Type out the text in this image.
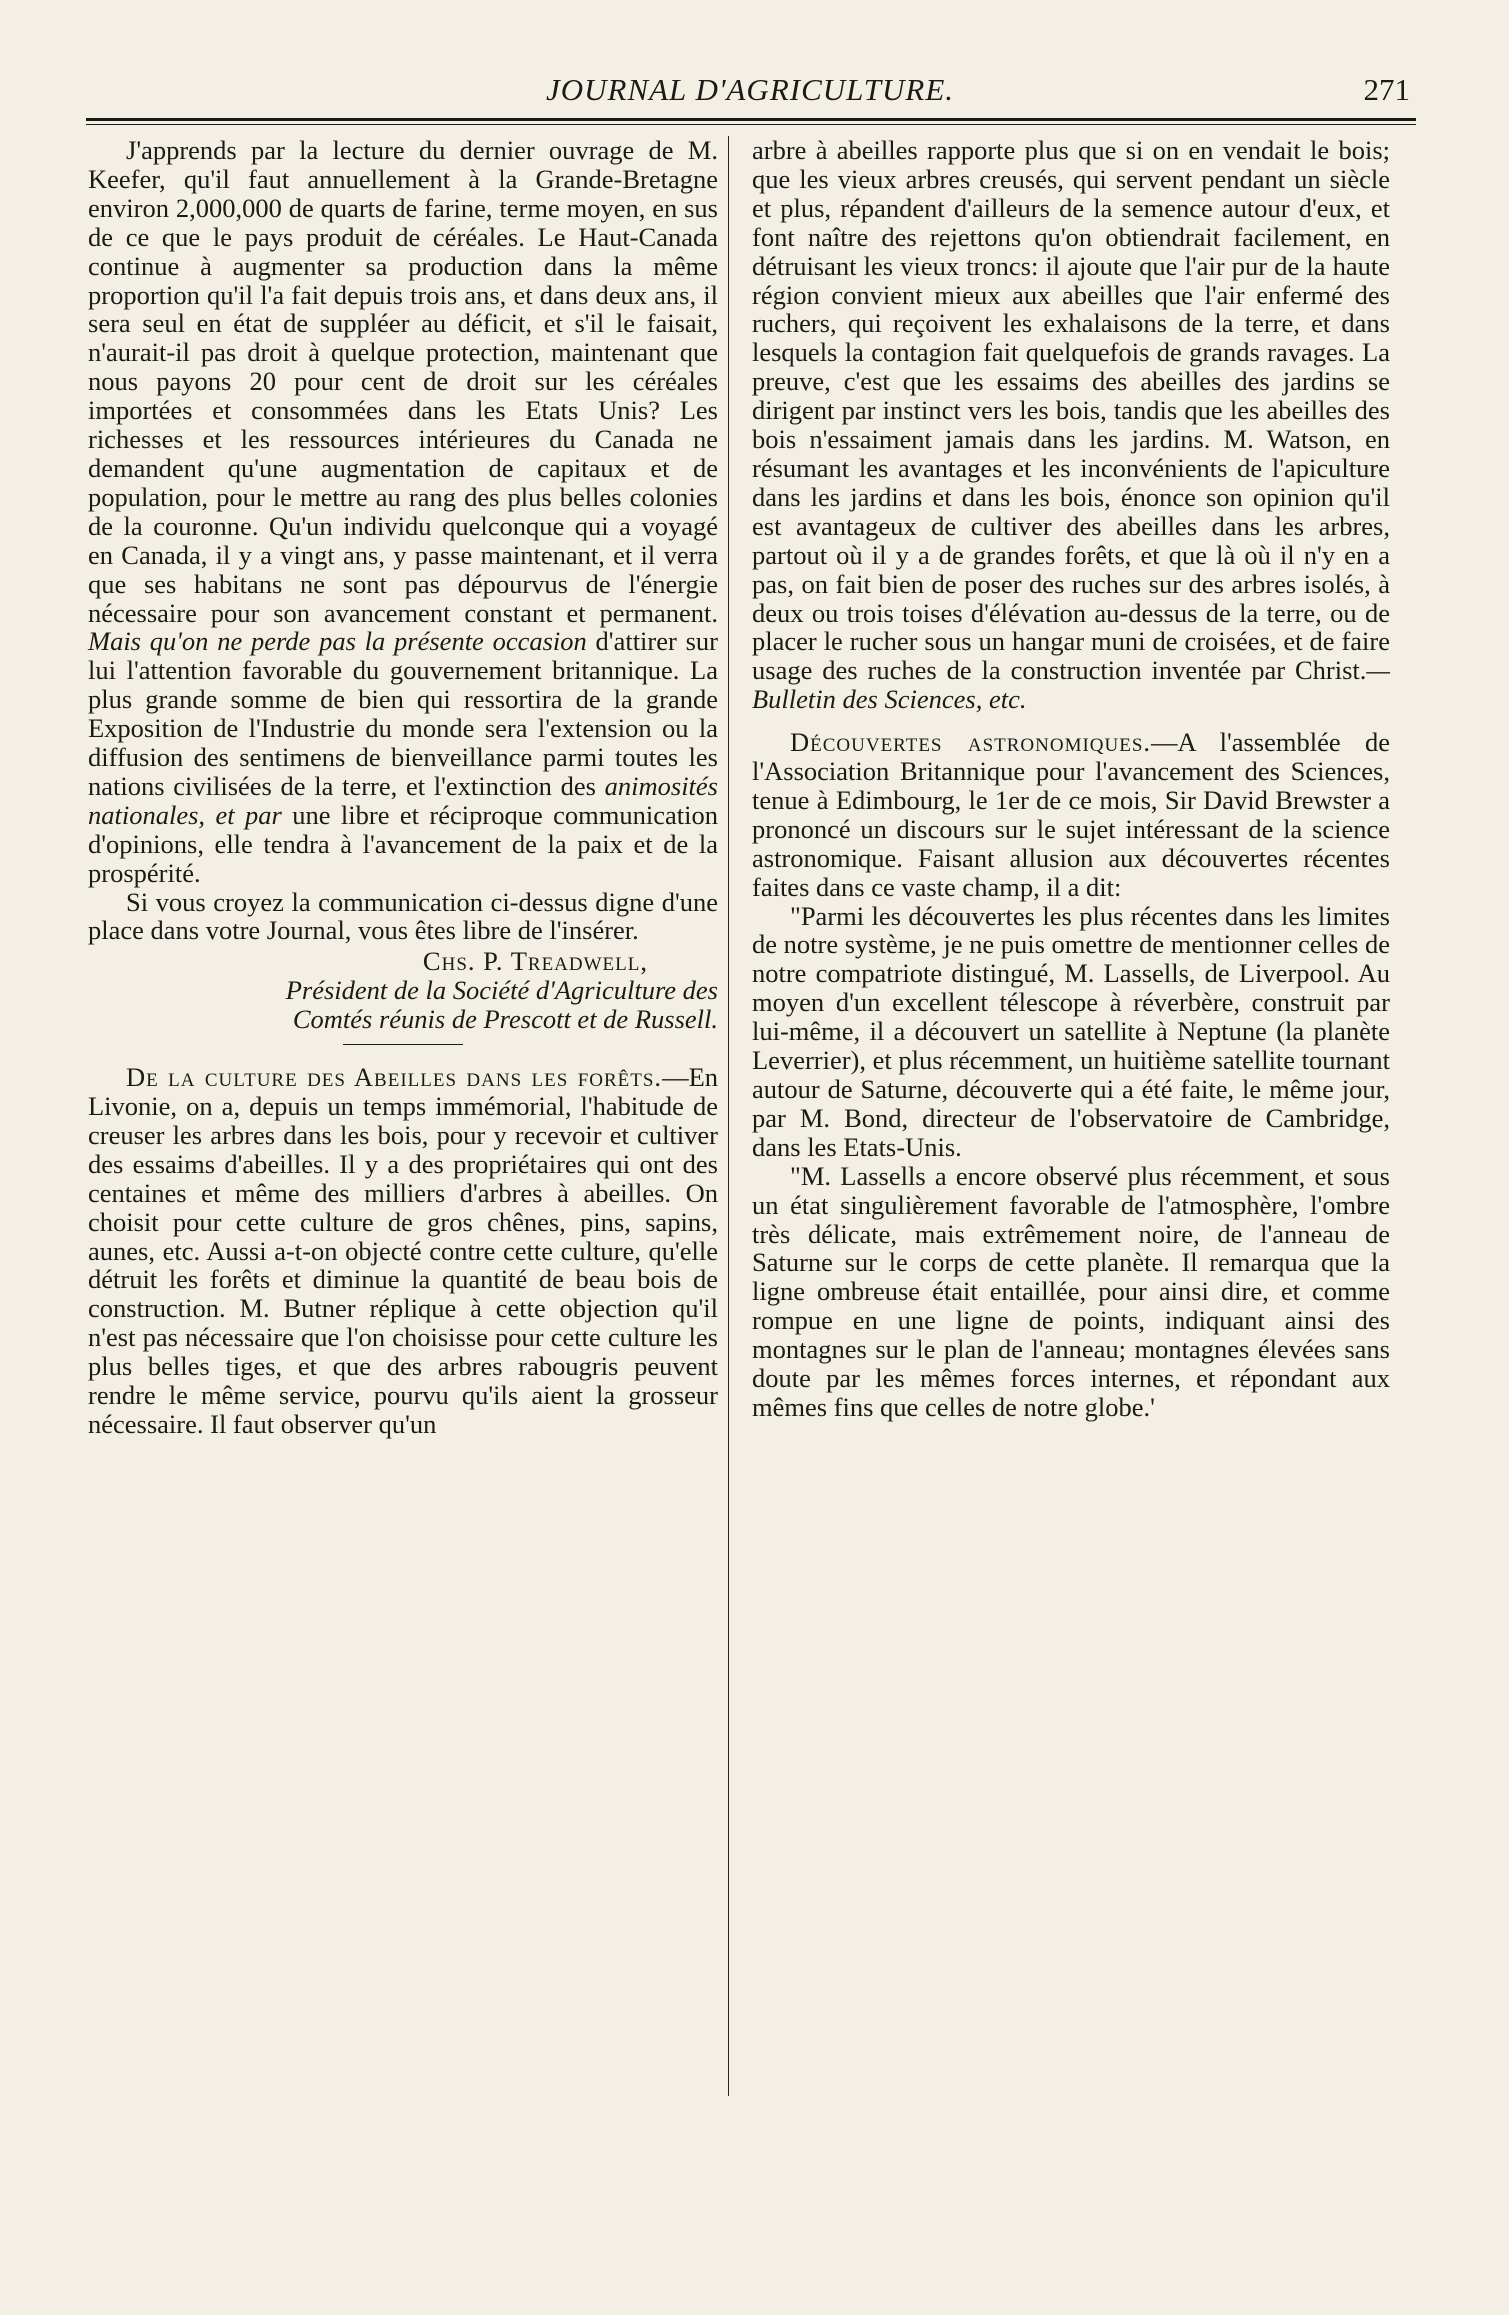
JOURNAL D'AGRICULTURE.	271

J'apprends par la lecture du dernier ouvrage de M. Keefer, qu'il faut annuellement à la Grande-Bretagne environ 2,000,000 de quarts de farine, terme moyen, en sus de ce que le pays produit de céréales. Le Haut-Canada continue à augmenter sa production dans la même proportion qu'il l'a fait depuis trois ans, et dans deux ans, il sera seul en état de suppléer au déficit, et s'il le faisait, n'aurait-il pas droit à quelque protection, maintenant que nous payons 20 pour cent de droit sur les céréales importées et consommées dans les Etats Unis? Les richesses et les ressources intérieures du Canada ne demandent qu'une augmentation de capitaux et de population, pour le mettre au rang des plus belles colonies de la couronne. Qu'un individu quelconque qui a voyagé en Canada, il y a vingt ans, y passe maintenant, et il verra que ses habitans ne sont pas dépourvus de l'énergie nécessaire pour son avancement constant et permanent. Mais qu'on ne perde pas la présente occasion d'attirer sur lui l'attention favorable du gouvernement britannique. La plus grande somme de bien qui ressortira de la grande Exposition de l'Industrie du monde sera l'extension ou la diffusion des sentimens de bienveillance parmi toutes les nations civilisées de la terre, et l'extinction des animosités nationales, et par une libre et réciproque communication d'opinions, elle tendra à l'avancement de la paix et de la prospérité.

Si vous croyez la communication ci-dessus digne d'une place dans votre Journal, vous êtes libre de l'insérer.

Chs. P. Treadwell,
Président de la Société d'Agriculture des
Comtés réunis de Prescott et de Russell.

De la culture des Abeilles dans les forêts.—En Livonie, on a, depuis un temps immémorial, l'habitude de creuser les arbres dans les bois, pour y recevoir et cultiver des essaims d'abeilles. Il y a des propriétaires qui ont des centaines et même des milliers d'arbres à abeilles. On choisit pour cette culture de gros chênes, pins, sapins, aunes, etc. Aussi a-t-on objecté contre cette culture, qu'elle détruit les forêts et diminue la quantité de beau bois de construction. M. Butner réplique à cette objection qu'il n'est pas nécessaire que l'on choisisse pour cette culture les plus belles tiges, et que des arbres rabougris peuvent rendre le même service, pourvu qu'ils aient la grosseur nécessaire. Il faut observer qu'un

arbre à abeilles rapporte plus que si on en vendait le bois; que les vieux arbres creusés, qui servent pendant un siècle et plus, répandent d'ailleurs de la semence autour d'eux, et font naître des rejettons qu'on obtiendrait facilement, en détruisant les vieux troncs: il ajoute que l'air pur de la haute région convient mieux aux abeilles que l'air enfermé des ruchers, qui reçoivent les exhalaisons de la terre, et dans lesquels la contagion fait quelquefois de grands ravages. La preuve, c'est que les essaims des abeilles des jardins se dirigent par instinct vers les bois, tandis que les abeilles des bois n'essaiment jamais dans les jardins. M. Watson, en résumant les avantages et les inconvénients de l'apiculture dans les jardins et dans les bois, énonce son opinion qu'il est avantageux de cultiver des abeilles dans les arbres, partout où il y a de grandes forêts, et que là où il n'y en a pas, on fait bien de poser des ruches sur des arbres isolés, à deux ou trois toises d'élévation au-dessus de la terre, ou de placer le rucher sous un hangar muni de croisées, et de faire usage des ruches de la construction inventée par Christ.—Bulletin des Sciences, etc.

Découvertes astronomiques.—A l'assemblée de l'Association Britannique pour l'avancement des Sciences, tenue à Edimbourg, le 1er de ce mois, Sir David Brewster a prononcé un discours sur le sujet intéressant de la science astronomique. Faisant allusion aux découvertes récentes faites dans ce vaste champ, il a dit:

"Parmi les découvertes les plus récentes dans les limites de notre système, je ne puis omettre de mentionner celles de notre compatriote distingué, M. Lassells, de Liverpool. Au moyen d'un excellent télescope à réverbère, construit par lui-même, il a découvert un satellite à Neptune (la planète Leverrier), et plus récemment, un huitième satellite tournant autour de Saturne, découverte qui a été faite, le même jour, par M. Bond, directeur de l'observatoire de Cambridge, dans les Etats-Unis.

"M. Lassells a encore observé plus récemment, et sous un état singulièrement favorable de l'atmosphère, l'ombre très délicate, mais extrêmement noire, de l'anneau de Saturne sur le corps de cette planète. Il remarqua que la ligne ombreuse était entaillée, pour ainsi dire, et comme rompue en une ligne de points, indiquant ainsi des montagnes sur le plan de l'anneau; montagnes élevées sans doute par les mêmes forces internes, et répondant aux mêmes fins que celles de notre globe.'
